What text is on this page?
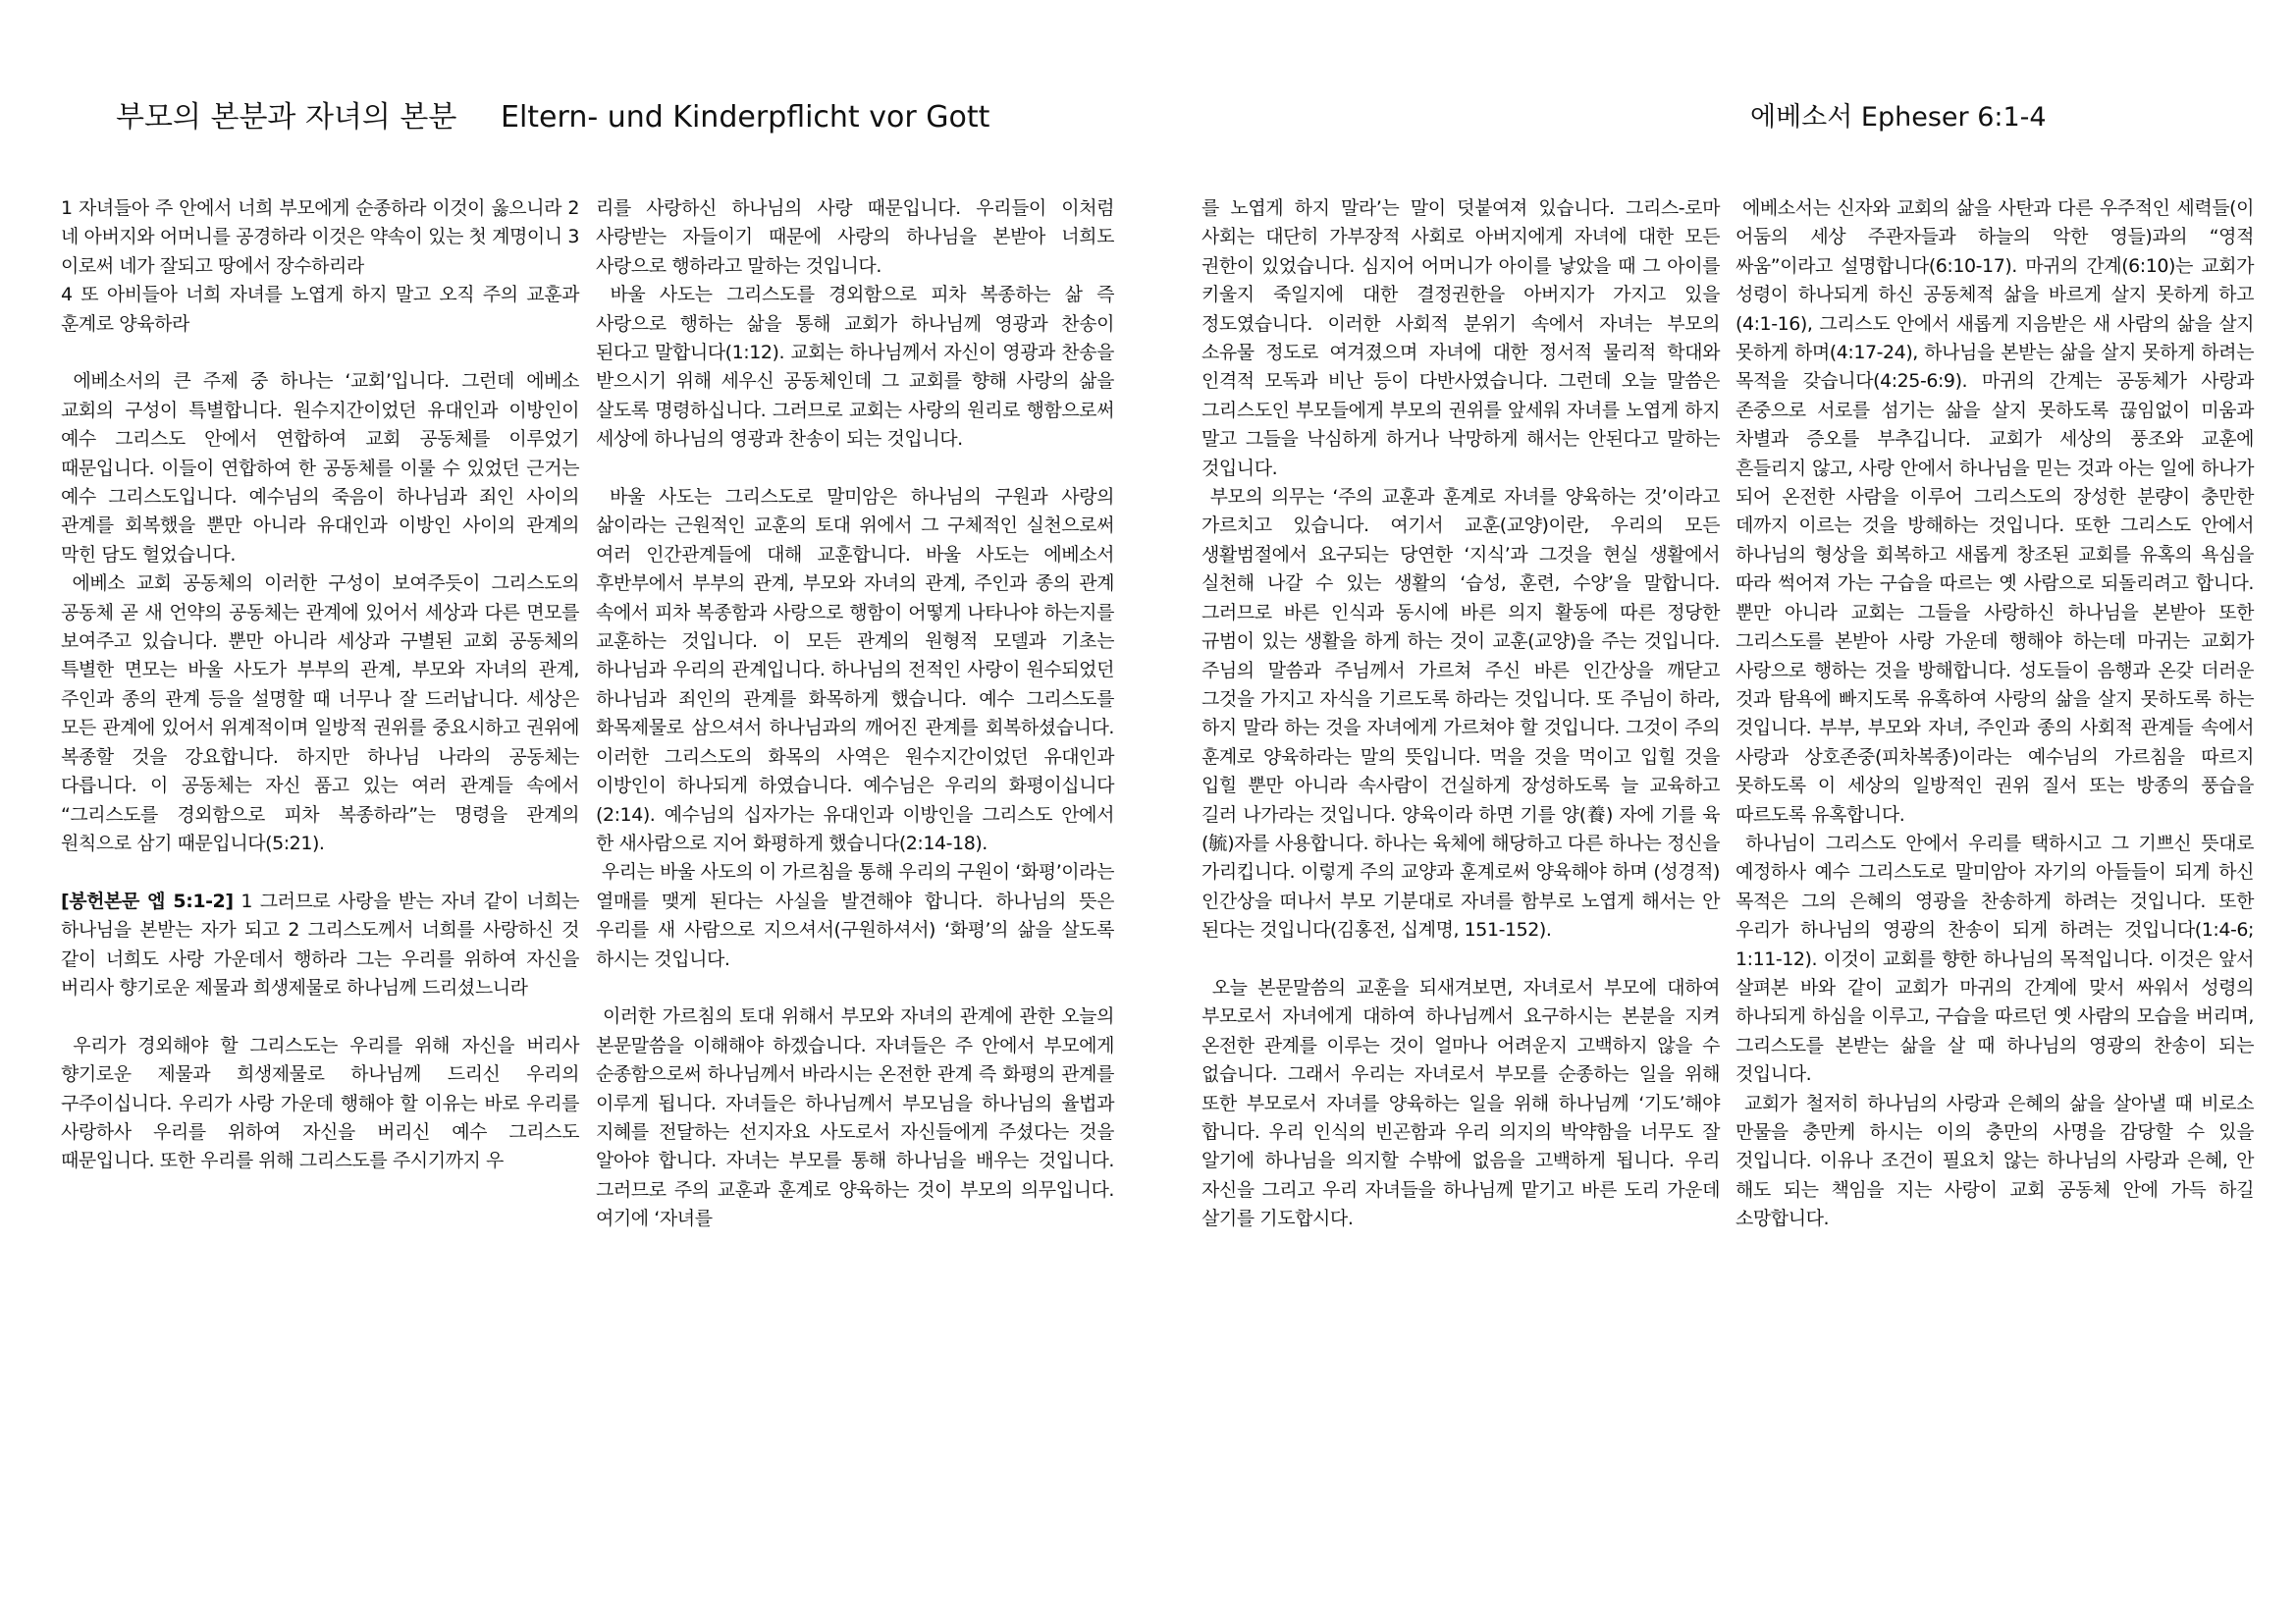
부모의 본분과 자녀의 본분 Eltern- und Kinderpflicht vor Gott	에베소서 Epheser 6:1-4

1 자녀들아 주 안에서 너희 부모에게 순종하라 이것이 옳으니라 2 네 아버지와 어머니를 공경하라 이것은 약속이 있는 첫 계명이니 3 이로써 네가 잘되고 땅에서 장수하리라

4 또 아비들아 너희 자녀를 노엽게 하지 말고 오직 주의 교훈과 훈계로 양육하라

에베소서의 큰 주제 중 하나는 ‘교회’입니다. 그런데 에베소 교회의 구성이 특별합니다. 원수지간이었던 유대인과 이방인이 예수 그리스도 안에서 연합하여 교회 공동체를 이루었기 때문입니다. 이들이 연합하여 한 공동체를 이룰 수 있었던 근거는 예수 그리스도입니다. 예수님의 죽음이 하나님과 죄인 사이의 관계를 회복했을 뿐만 아니라 유대인과 이방인 사이의 관계의 막힌 담도 헐었습니다.

에베소 교회 공동체의 이러한 구성이 보여주듯이 그리스도의 공동체 곧 새 언약의 공동체는 관계에 있어서 세상과 다른 면모를 보여주고 있습니다. 뿐만 아니라 세상과 구별된 교회 공동체의 특별한 면모는 바울 사도가 부부의 관계, 부모와 자녀의 관계, 주인과 종의 관계 등을 설명할 때 너무나 잘 드러납니다. 세상은 모든 관계에 있어서 위계적이며 일방적 권위를 중요시하고 권위에 복종할 것을 강요합니다. 하지만 하나님 나라의 공동체는 다릅니다. 이 공동체는 자신 품고 있는 여러 관계들 속에서 “그리스도를 경외함으로 피차 복종하라”는 명령을 관계의 원칙으로 삼기 때문입니다(5:21).

[봉헌본문 엡 5:1-2] 1 그러므로 사랑을 받는 자녀 같이 너희는 하나님을 본받는 자가 되고 2 그리스도께서 너희를 사랑하신 것 같이 너희도 사랑 가운데서 행하라 그는 우리를 위하여 자신을 버리사 향기로운 제물과 희생제물로 하나님께 드리셨느니라

우리가 경외해야 할 그리스도는 우리를 위해 자신을 버리사 향기로운 제물과 희생제물로 하나님께 드리신 우리의 구주이십니다. 우리가 사랑 가운데 행해야 할 이유는 바로 우리를 사랑하사 우리를 위하여 자신을 버리신 예수 그리스도 때문입니다. 또한 우리를 위해 그리스도를 주시기까지 우

리를 사랑하신 하나님의 사랑 때문입니다. 우리들이 이처럼 사랑받는 자들이기 때문에 사랑의 하나님을 본받아 너희도 사랑으로 행하라고 말하는 것입니다.

바울 사도는 그리스도를 경외함으로 피차 복종하는 삶 즉 사랑으로 행하는 삶을 통해 교회가 하나님께 영광과 찬송이 된다고 말합니다(1:12). 교회는 하나님께서 자신이 영광과 찬송을 받으시기 위해 세우신 공동체인데 그 교회를 향해 사랑의 삶을 살도록 명령하십니다. 그러므로 교회는 사랑의 원리로 행함으로써 세상에 하나님의 영광과 찬송이 되는 것입니다.

바울 사도는 그리스도로 말미암은 하나님의 구원과 사랑의 삶이라는 근원적인 교훈의 토대 위에서 그 구체적인 실천으로써 여러 인간관계들에 대해 교훈합니다. 바울 사도는 에베소서 후반부에서 부부의 관계, 부모와 자녀의 관계, 주인과 종의 관계 속에서 피차 복종함과 사랑으로 행함이 어떻게 나타나야 하는지를 교훈하는 것입니다. 이 모든 관계의 원형적 모델과 기초는 하나님과 우리의 관계입니다. 하나님의 전적인 사랑이 원수되었던 하나님과 죄인의 관계를 화목하게 했습니다. 예수 그리스도를 화목제물로 삼으셔서 하나님과의 깨어진 관계를 회복하셨습니다. 이러한 그리스도의 화목의 사역은 원수지간이었던 유대인과 이방인이 하나되게 하였습니다. 예수님은 우리의 화평이십니다(2:14). 예수님의 십자가는 유대인과 이방인을 그리스도 안에서 한 새사람으로 지어 화평하게 했습니다(2:14-18).

우리는 바울 사도의 이 가르침을 통해 우리의 구원이 ‘화평’이라는 열매를 맺게 된다는 사실을 발견해야 합니다. 하나님의 뜻은 우리를 새 사람으로 지으셔서(구원하셔서) ‘화평’의 삶을 살도록 하시는 것입니다.

이러한 가르침의 토대 위해서 부모와 자녀의 관계에 관한 오늘의 본문말씀을 이해해야 하겠습니다. 자녀들은 주 안에서 부모에게 순종함으로써 하나님께서 바라시는 온전한 관계 즉 화평의 관계를 이루게 됩니다. 자녀들은 하나님께서 부모님을 하나님의 율법과 지혜를 전달하는 선지자요 사도로서 자신들에게 주셨다는 것을 알아야 합니다. 자녀는 부모를 통해 하나님을 배우는 것입니다. 그러므로 주의 교훈과 훈계로 양육하는 것이 부모의 의무입니다. 여기에 ‘자녀를

를 노엽게 하지 말라’는 말이 덧붙여져 있습니다. 그리스-로마 사회는 대단히 가부장적 사회로 아버지에게 자녀에 대한 모든 권한이 있었습니다. 심지어 어머니가 아이를 낳았을 때 그 아이를 키울지 죽일지에 대한 결정권한을 아버지가 가지고 있을 정도였습니다. 이러한 사회적 분위기 속에서 자녀는 부모의 소유물 정도로 여겨졌으며 자녀에 대한 정서적 물리적 학대와 인격적 모독과 비난 등이 다반사였습니다. 그런데 오늘 말씀은 그리스도인 부모들에게 부모의 권위를 앞세워 자녀를 노엽게 하지 말고 그들을 낙심하게 하거나 낙망하게 해서는 안된다고 말하는 것입니다.

부모의 의무는 ‘주의 교훈과 훈계로 자녀를 양육하는 것’이라고 가르치고 있습니다. 여기서 교훈(교양)이란, 우리의 모든 생활범절에서 요구되는 당연한 ‘지식’과 그것을 현실 생활에서 실천해 나갈 수 있는 생활의 ‘습성, 훈련, 수양’을 말합니다. 그러므로 바른 인식과 동시에 바른 의지 활동에 따른 정당한 규범이 있는 생활을 하게 하는 것이 교훈(교양)을 주는 것입니다. 주님의 말씀과 주님께서 가르쳐 주신 바른 인간상을 깨닫고 그것을 가지고 자식을 기르도록 하라는 것입니다. 또 주님이 하라, 하지 말라 하는 것을 자녀에게 가르쳐야 할 것입니다. 그것이 주의 훈계로 양육하라는 말의 뜻입니다. 먹을 것을 먹이고 입힐 것을 입힐 뿐만 아니라 속사람이 건실하게 장성하도록 늘 교육하고 길러 나가라는 것입니다. 양육이라 하면 기를 양(養) 자에 기를 육(毓)자를 사용합니다. 하나는 육체에 해당하고 다른 하나는 정신을 가리킵니다. 이렇게 주의 교양과 훈계로써 양육해야 하며 (성경적) 인간상을 떠나서 부모 기분대로 자녀를 함부로 노엽게 해서는 안 된다는 것입니다(김홍전, 십계명, 151-152).

오늘 본문말씀의 교훈을 되새겨보면, 자녀로서 부모에 대하여 부모로서 자녀에게 대하여 하나님께서 요구하시는 본분을 지켜 온전한 관계를 이루는 것이 얼마나 어려운지 고백하지 않을 수 없습니다. 그래서 우리는 자녀로서 부모를 순종하는 일을 위해 또한 부모로서 자녀를 양육하는 일을 위해 하나님께 ‘기도’해야 합니다. 우리 인식의 빈곤함과 우리 의지의 박약함을 너무도 잘 알기에 하나님을 의지할 수밖에 없음을 고백하게 됩니다. 우리 자신을 그리고 우리 자녀들을 하나님께 맡기고 바른 도리 가운데 살기를 기도합시다.

에베소서는 신자와 교회의 삶을 사탄과 다른 우주적인 세력들(이 어둠의 세상 주관자들과 하늘의 악한 영들)과의 “영적 싸움”이라고 설명합니다(6:10-17). 마귀의 간계(6:10)는 교회가 성령이 하나되게 하신 공동체적 삶을 바르게 살지 못하게 하고(4:1-16), 그리스도 안에서 새롭게 지음받은 새 사람의 삶을 살지 못하게 하며(4:17-24), 하나님을 본받는 삶을 살지 못하게 하려는 목적을 갖습니다(4:25-6:9). 마귀의 간계는 공동체가 사랑과 존중으로 서로를 섬기는 삶을 살지 못하도록 끊임없이 미움과 차별과 증오를 부추깁니다. 교회가 세상의 풍조와 교훈에 흔들리지 않고, 사랑 안에서 하나님을 믿는 것과 아는 일에 하나가 되어 온전한 사람을 이루어 그리스도의 장성한 분량이 충만한 데까지 이르는 것을 방해하는 것입니다. 또한 그리스도 안에서 하나님의 형상을 회복하고 새롭게 창조된 교회를 유혹의 욕심을 따라 썩어져 가는 구습을 따르는 옛 사람으로 되돌리려고 합니다. 뿐만 아니라 교회는 그들을 사랑하신 하나님을 본받아 또한 그리스도를 본받아 사랑 가운데 행해야 하는데 마귀는 교회가 사랑으로 행하는 것을 방해합니다. 성도들이 음행과 온갖 더러운 것과 탐욕에 빠지도록 유혹하여 사랑의 삶을 살지 못하도록 하는 것입니다. 부부, 부모와 자녀, 주인과 종의 사회적 관계들 속에서 사랑과 상호존중(피차복종)이라는 예수님의 가르침을 따르지 못하도록 이 세상의 일방적인 권위 질서 또는 방종의 풍습을 따르도록 유혹합니다.

하나님이 그리스도 안에서 우리를 택하시고 그 기쁘신 뜻대로 예정하사 예수 그리스도로 말미암아 자기의 아들들이 되게 하신 목적은 그의 은혜의 영광을 찬송하게 하려는 것입니다. 또한 우리가 하나님의 영광의 찬송이 되게 하려는 것입니다(1:4-6; 1:11-12). 이것이 교회를 향한 하나님의 목적입니다. 이것은 앞서 살펴본 바와 같이 교회가 마귀의 간계에 맞서 싸워서 성령의 하나되게 하심을 이루고, 구습을 따르던 옛 사람의 모습을 버리며, 그리스도를 본받는 삶을 살 때 하나님의 영광의 찬송이 되는 것입니다.

교회가 철저히 하나님의 사랑과 은혜의 삶을 살아낼 때 비로소 만물을 충만케 하시는 이의 충만의 사명을 감당할 수 있을 것입니다. 이유나 조건이 필요치 않는 하나님의 사랑과 은혜, 안 해도 되는 책임을 지는 사랑이 교회 공동체 안에 가득 하길 소망합니다.
